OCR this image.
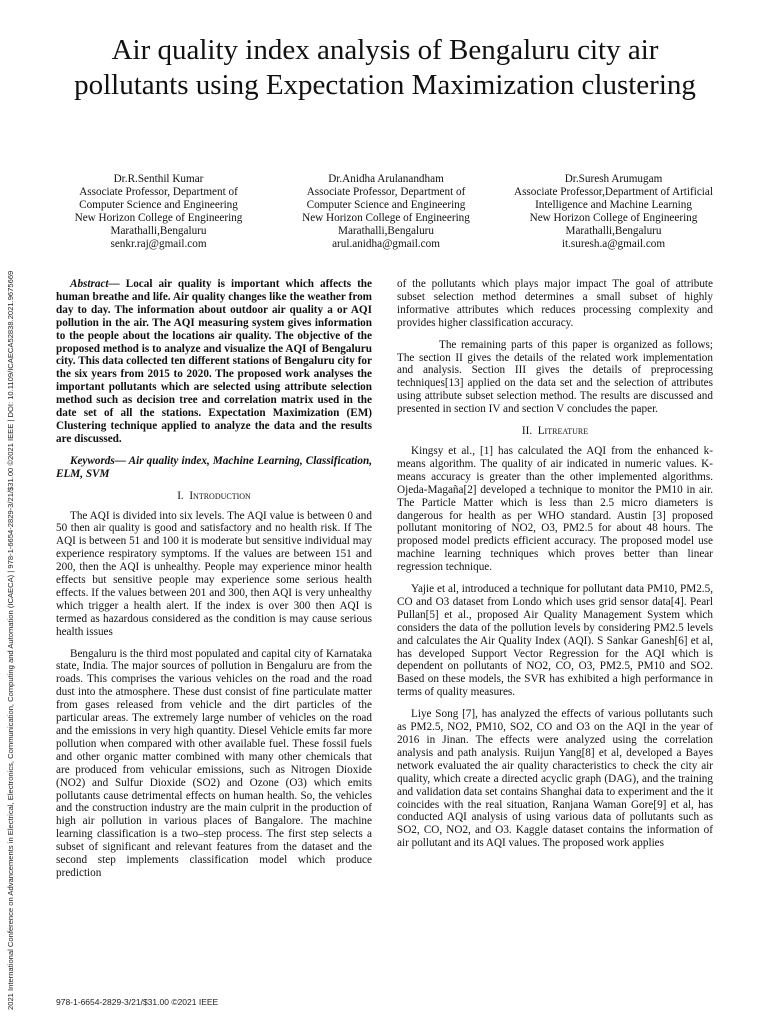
2021 International Conference on Advancements in Electrical, Electronics, Communication, Computing and Automation (ICAECA) | 978-1-6654-2829-3/21/$31.00 ©2021 IEEE | DOI: 10.1109/ICAECA52838.2021.9675669
Air quality index analysis of Bengaluru city air pollutants using Expectation Maximization clustering
Dr.R.Senthil Kumar
Associate Professor, Department of Computer Science and Engineering
New Horizon College of Engineering
Marathalli,Bengaluru
senkr.raj@gmail.com
Dr.Anidha Arulanandham
Associate Professor, Department of Computer Science and Engineering
New Horizon College of Engineering
Marathalli,Bengaluru
arul.anidha@gmail.com
Dr.Suresh Arumugam
Associate Professor,Department of Artificial Intelligence and Machine Learning
New Horizon College of Engineering
Marathalli,Bengaluru
it.suresh.a@gmail.com

Abstract— Local air quality is important which affects the human breathe and life. Air quality changes like the weather from day to day. The information about outdoor air quality a or AQI pollution in the air. The AQI measuring system gives information to the people about the locations air quality. The objective of the proposed method is to analyze and visualize the AQI of Bengaluru city. This data collected ten different stations of Bengaluru city for the six years from 2015 to 2020. The proposed work analyses the important pollutants which are selected using attribute selection method such as decision tree and correlation matrix used in the date set of all the stations. Expectation Maximization (EM) Clustering technique applied to analyze the data and the results are discussed.

Keywords— Air quality index, Machine Learning, Classification, ELM, SVM

I. Introduction

The AQI is divided into six levels. The AQI value is between 0 and 50 then air quality is good and satisfactory and no health risk. If The AQI is between 51 and 100 it is moderate but sensitive individual may experience respiratory symptoms. If the values are between 151 and 200, then the AQI is unhealthy. People may experience minor health effects but sensitive people may experience some serious health effects. If the values between 201 and 300, then AQI is very unhealthy which trigger a health alert. If the index is over 300 then AQI is termed as hazardous considered as the condition is may cause serious health issues

Bengaluru is the third most populated and capital city of Karnataka state, India. The major sources of pollution in Bengaluru are from the roads. This comprises the various vehicles on the road and the road dust into the atmosphere. These dust consist of fine particulate matter from gases released from vehicle and the dirt particles of the particular areas. The extremely large number of vehicles on the road and the emissions in very high quantity. Diesel Vehicle emits far more pollution when compared with other available fuel. These fossil fuels and other organic matter combined with many other chemicals that are produced from vehicular emissions, such as Nitrogen Dioxide (NO2) and Sulfur Dioxide (SO2) and Ozone (O3) which emits pollutants cause detrimental effects on human health. So, the vehicles and the construction industry are the main culprit in the production of high air pollution in various places of Bangalore. The machine learning classification is a two–step process. The first step selects a subset of significant and relevant features from the dataset and the second step implements classification model which produce prediction

of the pollutants which plays major impact The goal of attribute subset selection method determines a small subset of highly informative attributes which reduces processing complexity and provides higher classification accuracy.

The remaining parts of this paper is organized as follows; The section II gives the details of the related work implementation and analysis. Section III gives the details of preprocessing techniques[13] applied on the data set and the selection of attributes using attribute subset selection method. The results are discussed and presented in section IV and section V concludes the paper.

II. Litreature

Kingsy et al., [1] has calculated the AQI from the enhanced k-means algorithm. The quality of air indicated in numeric values. K-means accuracy is greater than the other implemented algorithms. Ojeda-Magaña[2] developed a technique to monitor the PM10 in air. The Particle Matter which is less than 2.5 micro diameters is dangerous for health as per WHO standard. Austin [3] proposed pollutant monitoring of NO2, O3, PM2.5 for about 48 hours. The proposed model predicts efficient accuracy. The proposed model use machine learning techniques which proves better than linear regression technique.

Yajie et al, introduced a technique for pollutant data PM10, PM2.5, CO and O3 dataset from Londo which uses grid sensor data[4]. Pearl Pullan[5] et al., proposed Air Quality Management System which considers the data of the pollution levels by considering PM2.5 levels and calculates the Air Quality Index (AQI). S Sankar Ganesh[6] et al, has developed Support Vector Regression for the AQI which is dependent on pollutants of NO2, CO, O3, PM2.5, PM10 and SO2. Based on these models, the SVR has exhibited a high performance in terms of quality measures.

Liye Song [7], has analyzed the effects of various pollutants such as PM2.5, NO2, PM10, SO2, CO and O3 on the AQI in the year of 2016 in Jinan. The effects were analyzed using the correlation analysis and path analysis. Ruijun Yang[8] et al, developed a Bayes network evaluated the air quality characteristics to check the city air quality, which create a directed acyclic graph (DAG), and the training and validation data set contains Shanghai data to experiment and the it coincides with the real situation, Ranjana Waman Gore[9] et al, has conducted AQI analysis of using various data of pollutants such as SO2, CO, NO2, and O3. Kaggle dataset contains the information of air pollutant and its AQI values. The proposed work applies

978-1-6654-2829-3/21/$31.00 ©2021 IEEE
